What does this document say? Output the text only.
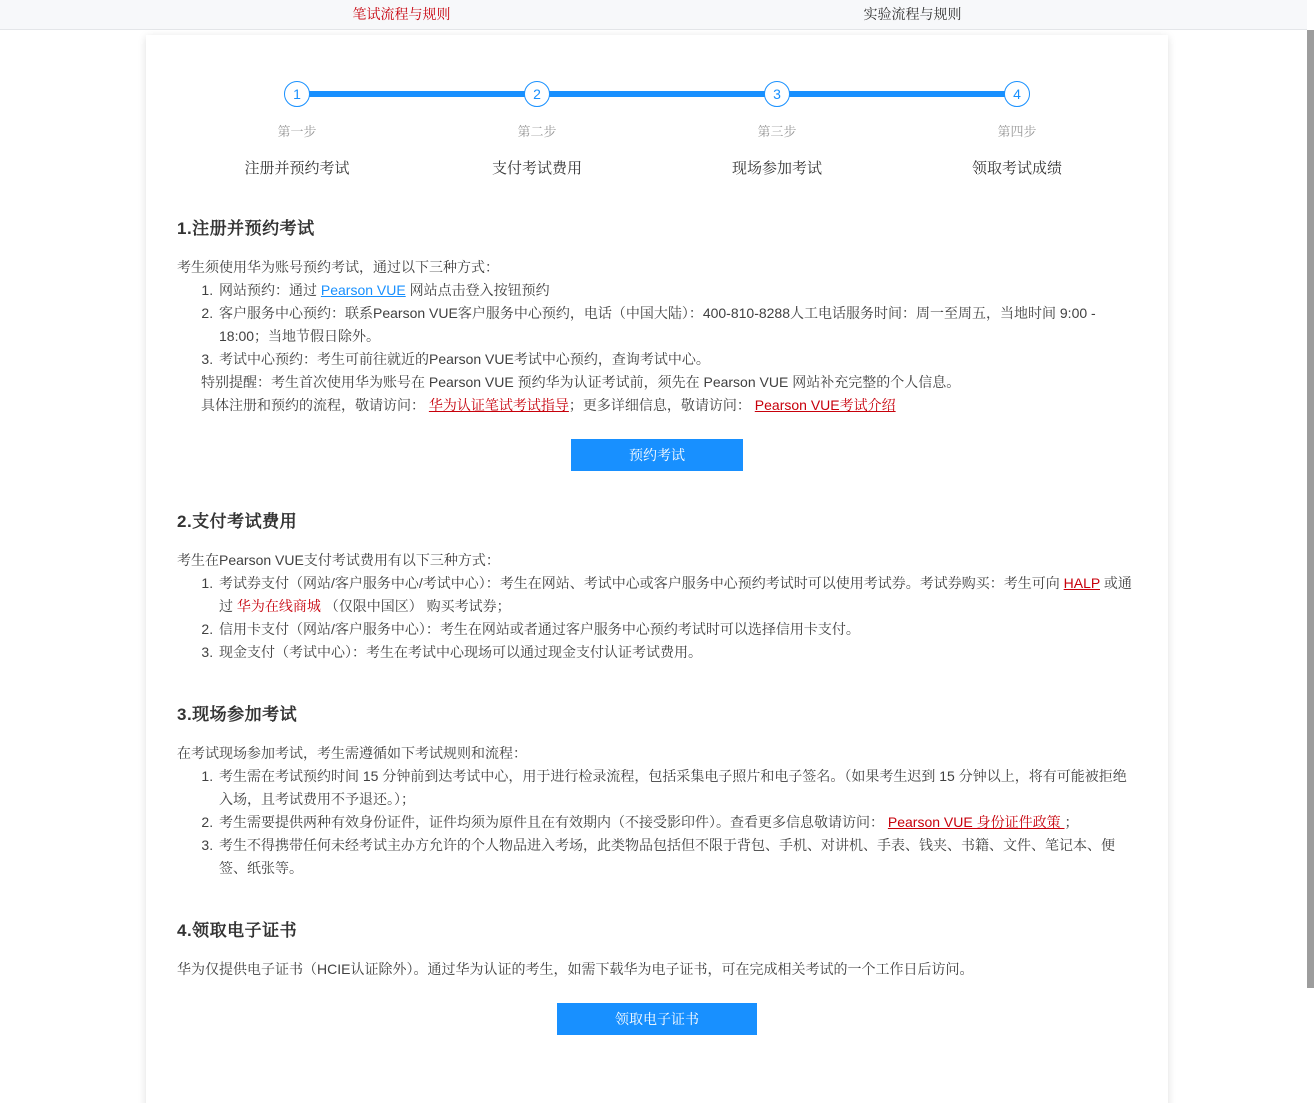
笔试流程与规则	实验流程与规则
1
第一步
注册并预约考试
2
第二步
支付考试费用
3
第三步
现场参加考试
4
第四步
领取考试成绩
1.注册并预约考试
考生须使用华为账号预约考试，通过以下三种方式：
1. 网站预约：通过 Pearson VUE 网站点击登入按钮预约
2. 客户服务中心预约：联系Pearson VUE客户服务中心预约，电话（中国大陆）：400-810-8288人工电话服务时间：周一至周五，当地时间 9:00 - 18:00；当地节假日除外。
3. 考试中心预约：考生可前往就近的Pearson VUE考试中心预约，查询考试中心。
特别提醒：考生首次使用华为账号在 Pearson VUE 预约华为认证考试前，须先在 Pearson VUE 网站补充完整的个人信息。
具体注册和预约的流程，敬请访问： 华为认证笔试考试指导；更多详细信息，敬请访问： Pearson VUE考试介绍
预约考试
2.支付考试费用
考生在Pearson VUE支付考试费用有以下三种方式：
1. 考试券支付（网站/客户服务中心/考试中心）：考生在网站、考试中心或客户服务中心预约考试时可以使用考试券。考试券购买：考生可向 HALP 或通过 华为在线商城 （仅限中国区） 购买考试券；
2. 信用卡支付（网站/客户服务中心）：考生在网站或者通过客户服务中心预约考试时可以选择信用卡支付。
3. 现金支付（考试中心）：考生在考试中心现场可以通过现金支付认证考试费用。
3.现场参加考试
在考试现场参加考试，考生需遵循如下考试规则和流程：
1. 考生需在考试预约时间 15 分钟前到达考试中心，用于进行检录流程，包括采集电子照片和电子签名。（如果考生迟到 15 分钟以上，将有可能被拒绝入场，且考试费用不予退还。）；
2. 考生需要提供两种有效身份证件，证件均须为原件且在有效期内（不接受影印件）。查看更多信息敬请访问： Pearson VUE 身份证件政策 ；
3. 考生不得携带任何未经考试主办方允许的个人物品进入考场，此类物品包括但不限于背包、手机、对讲机、手表、钱夹、书籍、文件、笔记本、便签、纸张等。
4.领取电子证书
华为仅提供电子证书（HCIE认证除外）。通过华为认证的考生，如需下载华为电子证书，可在完成相关考试的一个工作日后访问。
领取电子证书
